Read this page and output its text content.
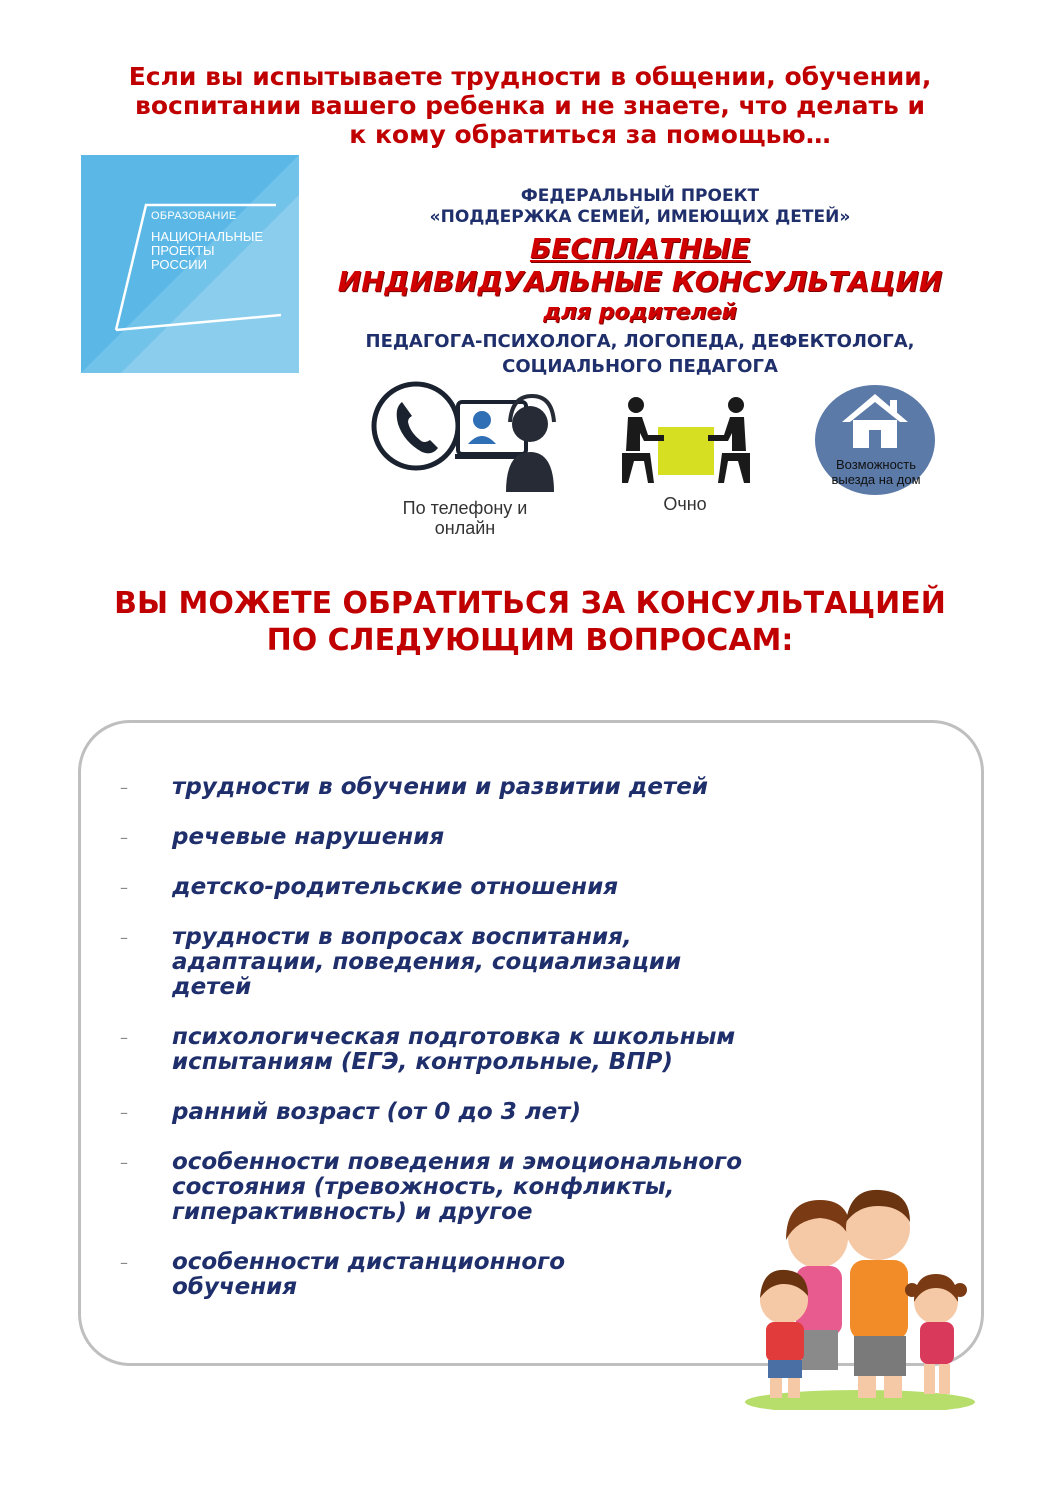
Если вы испытываете трудности в общении, обучении,
воспитании вашего ребенка и не знаете, что делать и
к кому обратиться за помощью…
ОБРАЗОВАНИЕ
НАЦИОНАЛЬНЫЕ
ПРОЕКТЫ
РОССИИ
ФЕДЕРАЛЬНЫЙ ПРОЕКТ
«ПОДДЕРЖКА СЕМЕЙ, ИМЕЮЩИХ ДЕТЕЙ»
БЕСПЛАТНЫЕ
ИНДИВИДУАЛЬНЫЕ КОНСУЛЬТАЦИИ
для родителей
ПЕДАГОГА-ПСИХОЛОГА, ЛОГОПЕДА, ДЕФЕКТОЛОГА,
СОЦИАЛЬНОГО ПЕДАГОГА
По телефону и онлайн
Очно
Возможность
выезда на дом
ВЫ МОЖЕТЕ ОБРАТИТЬСЯ ЗА КОНСУЛЬТАЦИЕЙ
ПО СЛЕДУЮЩИМ ВОПРОСАМ:
– трудности в обучении и развитии детей
– речевые нарушения
– детско-родительские отношения
– трудности в вопросах воспитания, адаптации, поведения, социализации детей
– психологическая подготовка к школьным испытаниям (ЕГЭ, контрольные, ВПР)
– ранний возраст (от 0 до 3 лет)
– особенности поведения и эмоционального состояния (тревожность, конфликты, гиперактивность) и другое
– особенности дистанционного обучения
